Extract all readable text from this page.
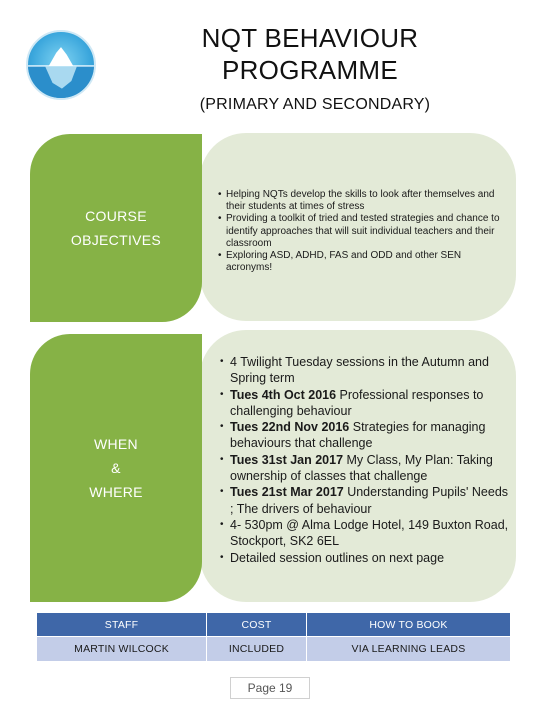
NQT BEHAVIOUR
PROGRAMME
(PRIMARY AND SECONDARY)
COURSE
OBJECTIVES
• Helping NQTs develop the skills to look after themselves and their students at times of stress
• Providing a toolkit of tried and tested strategies and chance to identify approaches that will suit individual teachers and their classroom
• Exploring ASD, ADHD, FAS and ODD and other SEN acronyms!
WHEN
&
WHERE
• 4 Twilight Tuesday sessions in the Autumn and Spring term
• Tues 4th Oct 2016 Professional responses to challenging behaviour
• Tues 22nd Nov 2016 Strategies for managing behaviours that challenge
• Tues 31st Jan 2017 My Class, My Plan: Taking ownership of classes that challenge
• Tues 21st Mar 2017 Understanding Pupils' Needs ; The drivers of behaviour
• 4- 530pm @ Alma Lodge Hotel, 149 Buxton Road, Stockport, SK2 6EL
• Detailed session outlines on next page
STAFF	COST	HOW TO BOOK
MARTIN WILCOCK	INCLUDED	VIA LEARNING LEADS
Page 19
